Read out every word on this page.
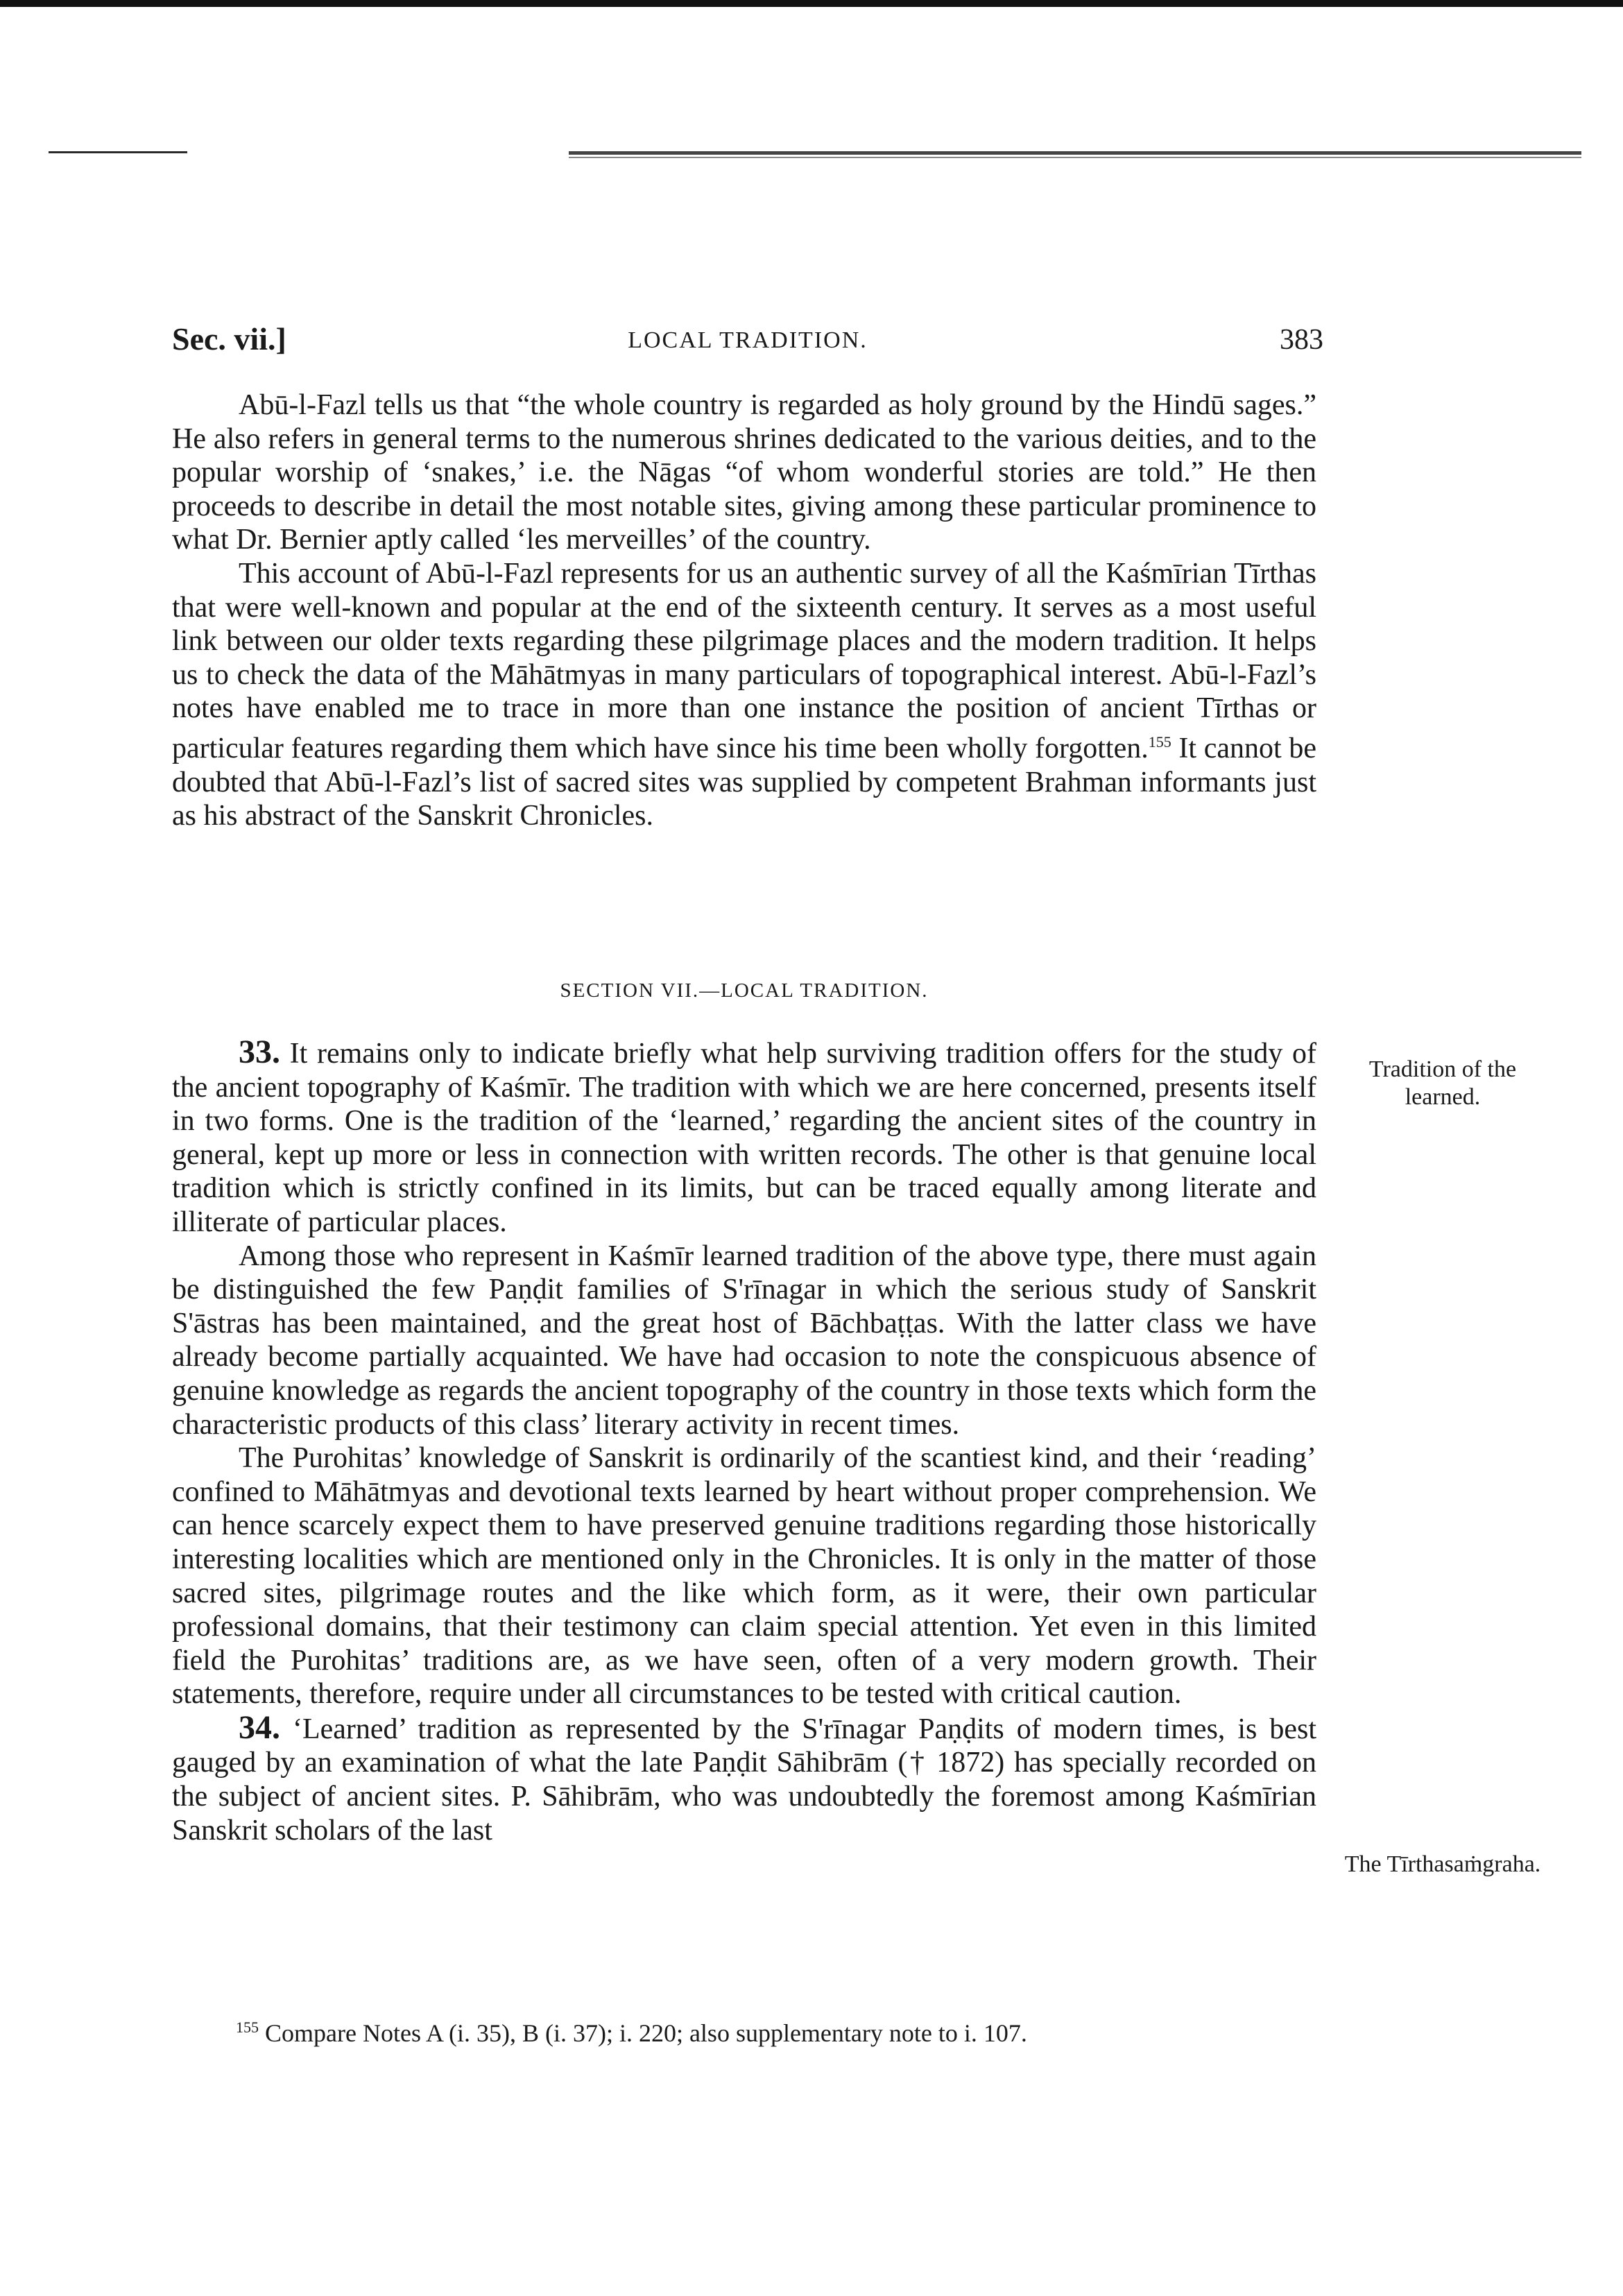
Sec. vii.]	LOCAL TRADITION.	383

Abū-l-Fazl tells us that “the whole country is regarded as holy ground by the Hindū sages.” He also refers in general terms to the numerous shrines dedicated to the various deities, and to the popular worship of ‘snakes,’ i.e. the Nāgas “of whom wonderful stories are told.” He then proceeds to describe in detail the most notable sites, giving among these particular prominence to what Dr. Bernier aptly called ‘les merveilles’ of the country.

This account of Abū-l-Fazl represents for us an authentic survey of all the Kaśmīrian Tīrthas that were well-known and popular at the end of the sixteenth century. It serves as a most useful link between our older texts regarding these pilgrimage places and the modern tradition. It helps us to check the data of the Māhātmyas in many particulars of topographical interest. Abū-l-Fazl’s notes have enabled me to trace in more than one instance the position of ancient Tīrthas or particular features regarding them which have since his time been wholly forgotten.$^{155}$ It cannot be doubted that Abū-l-Fazl’s list of sacred sites was supplied by competent Brahman informants just as his abstract of the Sanskrit Chronicles.

SECTION VII.—LOCAL TRADITION.

33. It remains only to indicate briefly what help surviving tradition offers for the study of the ancient topography of Kaśmīr. The tradition with which we are here concerned, presents itself in two forms. One is the tradition of the ‘learned,’ regarding the ancient sites of the country in general, kept up more or less in connection with written records. The other is that genuine local tradition which is strictly confined in its limits, but can be traced equally among literate and illiterate of particular places.

Among those who represent in Kaśmīr learned tradition of the above type, there must again be distinguished the few Paṇḍit families of S'rīnagar in which the serious study of Sanskrit S'āstras has been maintained, and the great host of Bāchbaṭṭas. With the latter class we have already become partially acquainted. We have had occasion to note the conspicuous absence of genuine knowledge as regards the ancient topography of the country in those texts which form the characteristic products of this class’ literary activity in recent times.

The Purohitas’ knowledge of Sanskrit is ordinarily of the scantiest kind, and their ‘reading’ confined to Māhātmyas and devotional texts learned by heart without proper comprehension. We can hence scarcely expect them to have preserved genuine traditions regarding those historically interesting localities which are mentioned only in the Chronicles. It is only in the matter of those sacred sites, pilgrimage routes and the like which form, as it were, their own particular professional domains, that their testimony can claim special attention. Yet even in this limited field the Purohitas’ traditions are, as we have seen, often of a very modern growth. Their statements, therefore, require under all circumstances to be tested with critical caution.

34. ‘Learned’ tradition as represented by the S'rīnagar Paṇḍits of modern times, is best gauged by an examination of what the late Paṇḍit Sāhibrām († 1872) has specially recorded on the subject of ancient sites. P. Sāhibrām, who was undoubtedly the foremost among Kaśmīrian Sanskrit scholars of the last

Tradition of the learned.
The Tīrthasaṁgraha.
$^{155}$ Compare Notes A (i. 35), B (i. 37); i. 220; also supplementary note to i. 107.
